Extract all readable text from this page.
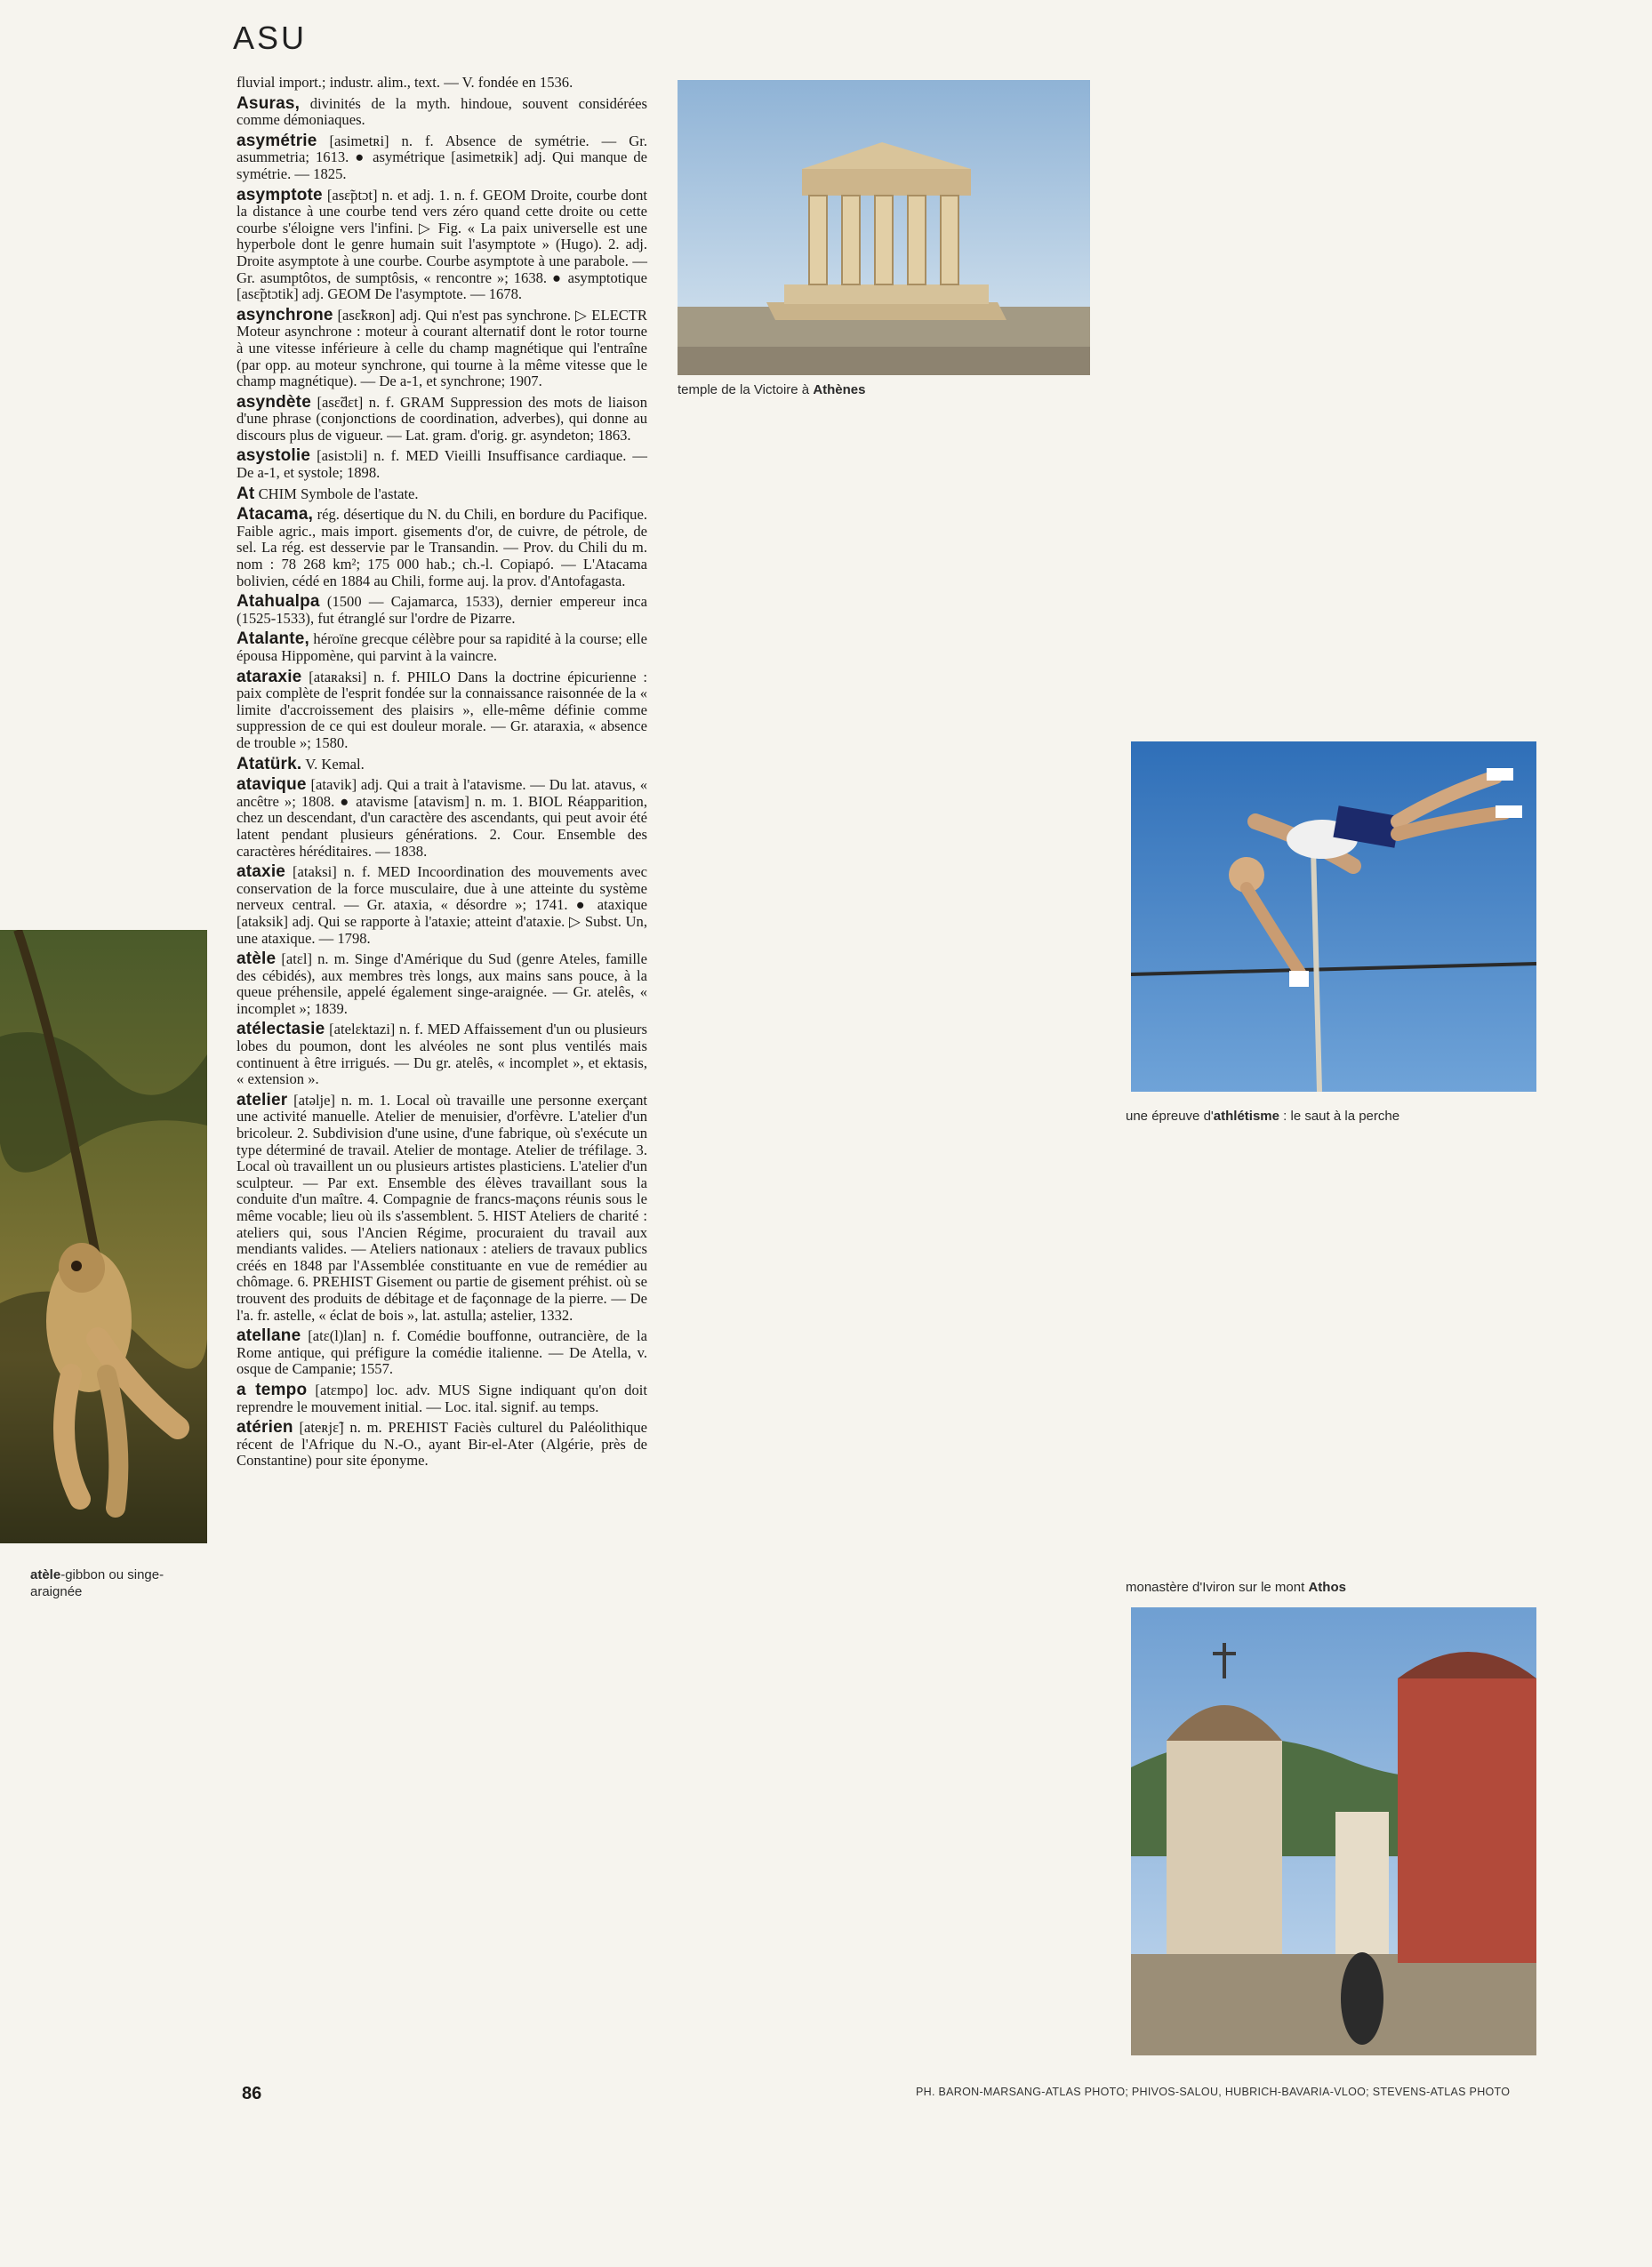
ASU
atèle-gibbon ou singe-araignée

fluvial import.; industr. alim., text. — V. fondée en 1536.

Asuras, divinités de la myth. hindoue, souvent considérées comme démoniaques.

asymétrie [asimetʀi] n. f. Absence de symétrie. — Gr. asummetria; 1613. ● asymétrique [asimetʀik] adj. Qui manque de symétrie. — 1825.

asymptote [asɛ̃ptɔt] n. et adj. 1. n. f. GEOM Droite, courbe dont la distance à une courbe tend vers zéro quand cette droite ou cette courbe s'éloigne vers l'infini. ▷ Fig. « La paix universelle est une hyperbole dont le genre humain suit l'asymptote » (Hugo). 2. adj. Droite asymptote à une courbe. Courbe asymptote à une parabole. — Gr. asumptôtos, de sumptôsis, « rencontre »; 1638. ● asymptotique [asɛ̃ptɔtik] adj. GEOM De l'asymptote. — 1678.

asynchrone [asɛ̃kʀon] adj. Qui n'est pas synchrone. ▷ ELECTR Moteur asynchrone : moteur à courant alternatif dont le rotor tourne à une vitesse inférieure à celle du champ magnétique qui l'entraîne (par opp. au moteur synchrone, qui tourne à la même vitesse que le champ magnétique). — De a-1, et synchrone; 1907.

asyndète [asɛ̃dɛt] n. f. GRAM Suppression des mots de liaison d'une phrase (conjonctions de coordination, adverbes), qui donne au discours plus de vigueur. — Lat. gram. d'orig. gr. asyndeton; 1863.

asystolie [asistɔli] n. f. MED Vieilli Insuffisance cardiaque. — De a-1, et systole; 1898.

At CHIM Symbole de l'astate.

Atacama, rég. désertique du N. du Chili, en bordure du Pacifique. Faible agric., mais import. gisements d'or, de cuivre, de pétrole, de sel. La rég. est desservie par le Transandin. — Prov. du Chili du m. nom : 78 268 km²; 175 000 hab.; ch.-l. Copiapó. — L'Atacama bolivien, cédé en 1884 au Chili, forme auj. la prov. d'Antofagasta.

Atahualpa (1500 — Cajamarca, 1533), dernier empereur inca (1525-1533), fut étranglé sur l'ordre de Pizarre.

Atalante, héroïne grecque célèbre pour sa rapidité à la course; elle épousa Hippomène, qui parvint à la vaincre.

ataraxie [ataʀaksi] n. f. PHILO Dans la doctrine épicurienne : paix complète de l'esprit fondée sur la connaissance raisonnée de la « limite d'accroissement des plaisirs », elle-même définie comme suppression de ce qui est douleur morale. — Gr. ataraxia, « absence de trouble »; 1580.

Atatürk. V. Kemal.

atavique [atavik] adj. Qui a trait à l'atavisme. — Du lat. atavus, « ancêtre »; 1808. ● atavisme [atavism] n. m. 1. BIOL Réapparition, chez un descendant, d'un caractère des ascendants, qui peut avoir été latent pendant plusieurs générations. 2. Cour. Ensemble des caractères héréditaires. — 1838.

ataxie [ataksi] n. f. MED Incoordination des mouvements avec conservation de la force musculaire, due à une atteinte du système nerveux central. — Gr. ataxia, « désordre »; 1741. ● ataxique [ataksik] adj. Qui se rapporte à l'ataxie; atteint d'ataxie. ▷ Subst. Un, une ataxique. — 1798.

atèle [atɛl] n. m. Singe d'Amérique du Sud (genre Ateles, famille des cébidés), aux membres très longs, aux mains sans pouce, à la queue préhensile, appelé également singe-araignée. — Gr. atelês, « incomplet »; 1839.

atélectasie [atelɛktazi] n. f. MED Affaissement d'un ou plusieurs lobes du poumon, dont les alvéoles ne sont plus ventilés mais continuent à être irrigués. — Du gr. atelês, « incomplet », et ektasis, « extension ».

atelier [atəlje] n. m. 1. Local où travaille une personne exerçant une activité manuelle. Atelier de menuisier, d'orfèvre. L'atelier d'un bricoleur. 2. Subdivision d'une usine, d'une fabrique, où s'exécute un type déterminé de travail. Atelier de montage. Atelier de tréfilage. 3. Local où travaillent un ou plusieurs artistes plasticiens. L'atelier d'un sculpteur. — Par ext. Ensemble des élèves travaillant sous la conduite d'un maître. 4. Compagnie de francs-maçons réunis sous le même vocable; lieu où ils s'assemblent. 5. HIST Ateliers de charité : ateliers qui, sous l'Ancien Régime, procuraient du travail aux mendiants valides. — Ateliers nationaux : ateliers de travaux publics créés en 1848 par l'Assemblée constituante en vue de remédier au chômage. 6. PREHIST Gisement ou partie de gisement préhist. où se trouvent des produits de débitage et de façonnage de la pierre. — De l'a. fr. astelle, « éclat de bois », lat. astulla; astelier, 1332.

atellane [atɛ(l)lan] n. f. Comédie bouffonne, outrancière, de la Rome antique, qui préfigure la comédie italienne. — De Atella, v. osque de Campanie; 1557.

a tempo [atɛmpo] loc. adv. MUS Signe indiquant qu'on doit reprendre le mouvement initial. — Loc. ital. signif. au temps.

atérien [ateʀjɛ̃] n. m. PREHIST Faciès culturel du Paléolithique récent de l'Afrique du N.-O., ayant Bir-el-Ater (Algérie, près de Constantine) pour site éponyme.

temple de la Victoire à Athènes
une épreuve d'athlétisme : le saut à la perche
monastère d'Iviron sur le mont Athos
86	PH. BARON-MARSANG-ATLAS PHOTO; PHIVOS-SALOU, HUBRICH-BAVARIA-VLOO; STEVENS-ATLAS PHOTO
